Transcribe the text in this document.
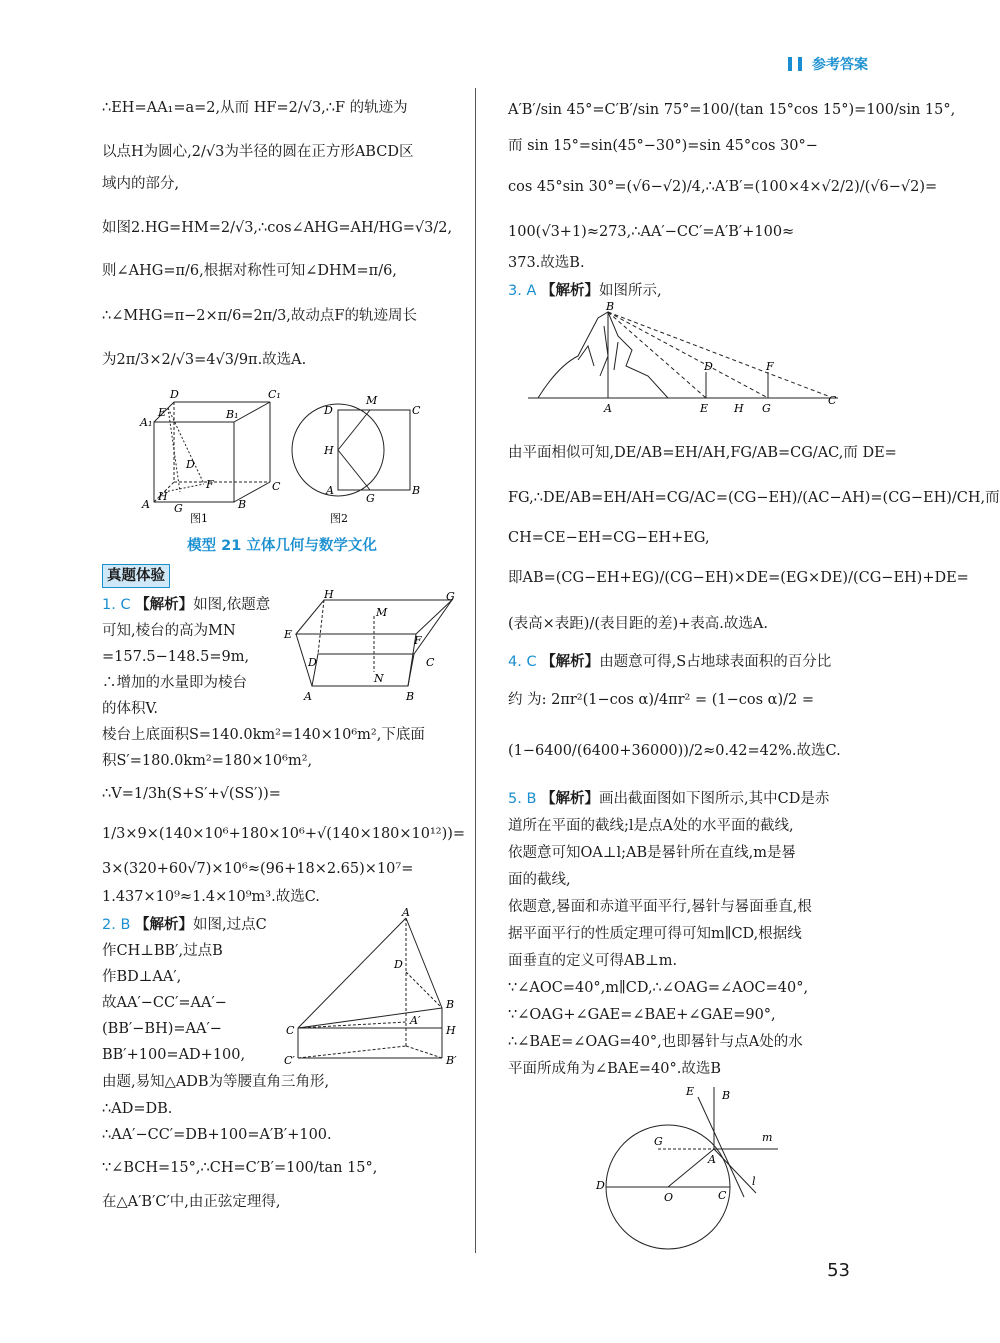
参考答案
∴EH=AA₁=a=2,从而 HF=2/√3,∴F 的轨迹为
以点H为圆心,2/√3为半径的圆在正方形ABCD区
域内的部分,
如图2.HG=HM=2/√3,∴cos∠AHG=AH/HG=√3/2,
则∠AHG=π/6,根据对称性可知∠DHM=π/6,
∴∠MHG=π−2×π/6=2π/3,故动点F的轨迹周长
为2π/3×2/√3=4√3/9π.故选A.
D	C₁
E	B₁
A₁
D
C
H
F
A G	B
图1
D
M
C
H
A
G
B
图2
模型 21 立体几何与数学文化
真题体验
H	G
M
E	F
D	C
N
A	B
1. C 【解析】如图,依题意
可知,棱台的高为MN
=157.5−148.5=9m,
∴增加的水量即为棱台
的体积V.
棱台上底面积S=140.0km²=140×10⁶m²,下底面
积S′=180.0km²=180×10⁶m²,
∴V=1/3h(S+S′+√(SS′))=
1/3×9×(140×10⁶+180×10⁶+√(140×180×10¹²))=
3×(320+60√7)×10⁶≈(96+18×2.65)×10⁷=
1.437×10⁹≈1.4×10⁹m³.故选C.
A
D
B
A′
C	H
C′	B′
2. B 【解析】如图,过点C
作CH⊥BB′,过点B
作BD⊥AA′,
故AA′−CC′=AA′−
(BB′−BH)=AA′−
BB′+100=AD+100,
由题,易知△ADB为等腰直角三角形,
∴AD=DB.
∴AA′−CC′=DB+100=A′B′+100.
∵∠BCH=15°,∴CH=C′B′=100/tan 15°,
在△A′B′C′中,由正弦定理得,
A′B′/sin 45°=C′B′/sin 75°=100/(tan 15°cos 15°)=100/sin 15°,
而 sin 15°=sin(45°−30°)=sin 45°cos 30°−
cos 45°sin 30°=(√6−√2)/4,∴A′B′=(100×4×√2/2)/(√6−√2)=
100(√3+1)≈273,∴AA′−CC′=A′B′+100≈
373.故选B.
3. A 【解析】如图所示,
B
D	F
A	E H G
C
由平面相似可知,DE/AB=EH/AH,FG/AB=CG/AC,而 DE=
FG,∴DE/AB=EH/AH=CG/AC=(CG−EH)/(AC−AH)=(CG−EH)/CH,而
CH=CE−EH=CG−EH+EG,
即AB=(CG−EH+EG)/(CG−EH)×DE=(EG×DE)/(CG−EH)+DE=
(表高×表距)/(表目距的差)+表高.故选A.
4. C 【解析】由题意可得,S占地球表面积的百分比
约 为: 2πr²(1−cos α)/4πr² = (1−cos α)/2 =
(1−6400/(6400+36000))/2≈0.42=42%.故选C.
5. B 【解析】画出截面图如下图所示,其中CD是赤
道所在平面的截线;l是点A处的水平面的截线,
依题意可知OA⊥l;AB是晷针所在直线,m是晷
面的截线,
依题意,晷面和赤道平面平行,晷针与晷面垂直,根
据平面平行的性质定理可得可知m∥CD,根据线
面垂直的定义可得AB⊥m.
∵∠AOC=40°,m∥CD,∴∠OAG=∠AOC=40°,
∵∠OAG+∠GAE=∠BAE+∠GAE=90°,
∴∠BAE=∠OAG=40°,也即晷针与点A处的水
平面所成角为∠BAE=40°.故选B
E	B
m
G
A
l
D
O	C
53
